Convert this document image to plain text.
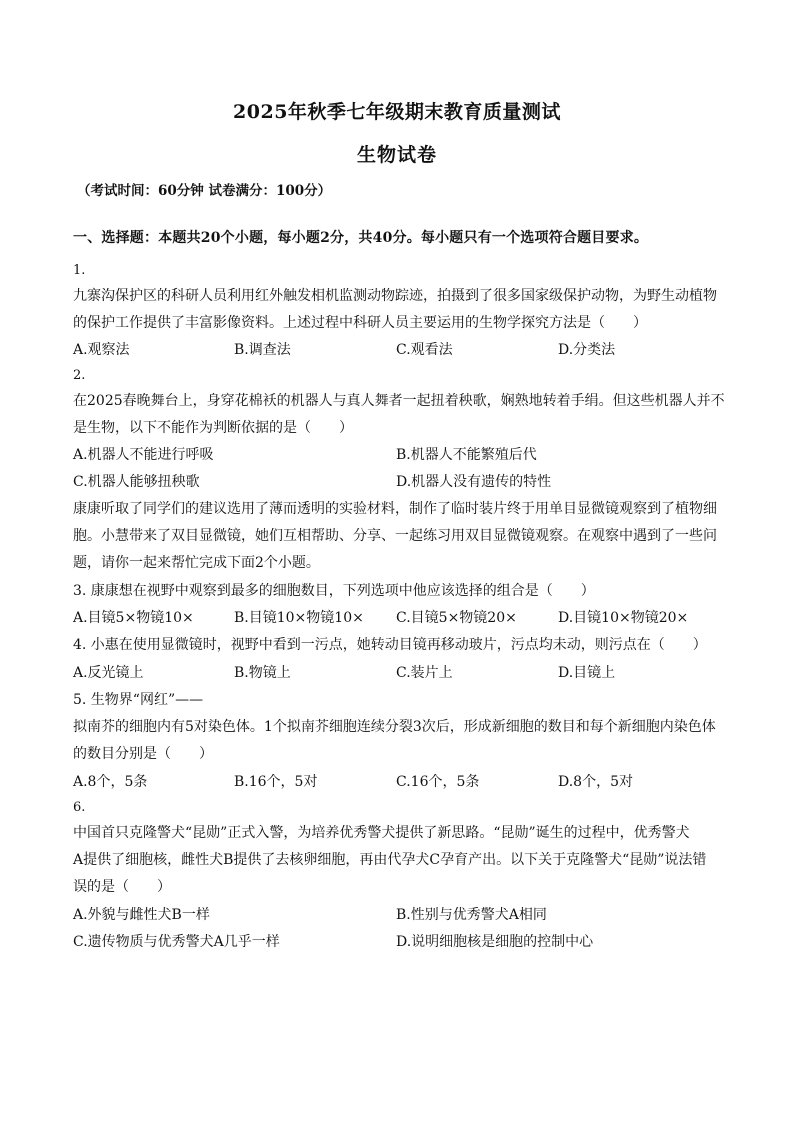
2025年秋季七年级期末教育质量测试
生物试卷
（考试时间：60分钟 试卷满分：100分）
一、选择题：本题共20个小题，每小题2分，共40分。每小题只有一个选项符合题目要求。
1.
九寨沟保护区的科研人员利用红外触发相机监测动物踪迹，拍摄到了很多国家级保护动物，为野生动植物
的保护工作提供了丰富影像资料。上述过程中科研人员主要运用的生物学探究方法是（　　）
A.观察法	B.调查法	C.观看法	D.分类法
2.
在2025春晚舞台上，身穿花棉袄的机器人与真人舞者一起扭着秧歌，娴熟地转着手绢。但这些机器人并不
是生物，以下不能作为判断依据的是（　　）
A.机器人不能进行呼吸	B.机器人不能繁殖后代
C.机器人能够扭秧歌	D.机器人没有遗传的特性
康康听取了同学们的建议选用了薄而透明的实验材料，制作了临时装片终于用单目显微镜观察到了植物细
胞。小慧带来了双目显微镜，她们互相帮助、分享、一起练习用双目显微镜观察。在观察中遇到了一些问
题，请你一起来帮忙完成下面2个小题。
3. 康康想在视野中观察到最多的细胞数目，下列选项中他应该选择的组合是（　　）
A.目镜5×物镜10×	B.目镜10×物镜10× C.目镜5×物镜20×	D.目镜10×物镜20×
4. 小惠在使用显微镜时，视野中看到一污点，她转动目镜再移动玻片，污点均未动，则污点在（　　）
A.反光镜上	B.物镜上	C.装片上	D.目镜上
5. 生物界“网红”——
拟南芥的细胞内有5对染色体。1个拟南芥细胞连续分裂3次后，形成新细胞的数目和每个新细胞内染色体
的数目分别是（　　）
A.8个，5条	B.16个，5对	C.16个，5条	D.8个，5对
6.
中国首只克隆警犬“昆勋”正式入警，为培养优秀警犬提供了新思路。“昆勋”诞生的过程中，优秀警犬
A提供了细胞核，雌性犬B提供了去核卵细胞，再由代孕犬C孕育产出。以下关于克隆警犬“昆勋”说法错
误的是（　　）
A.外貌与雌性犬B一样	B.性别与优秀警犬A相同
C.遗传物质与优秀警犬A几乎一样	D.说明细胞核是细胞的控制中心
